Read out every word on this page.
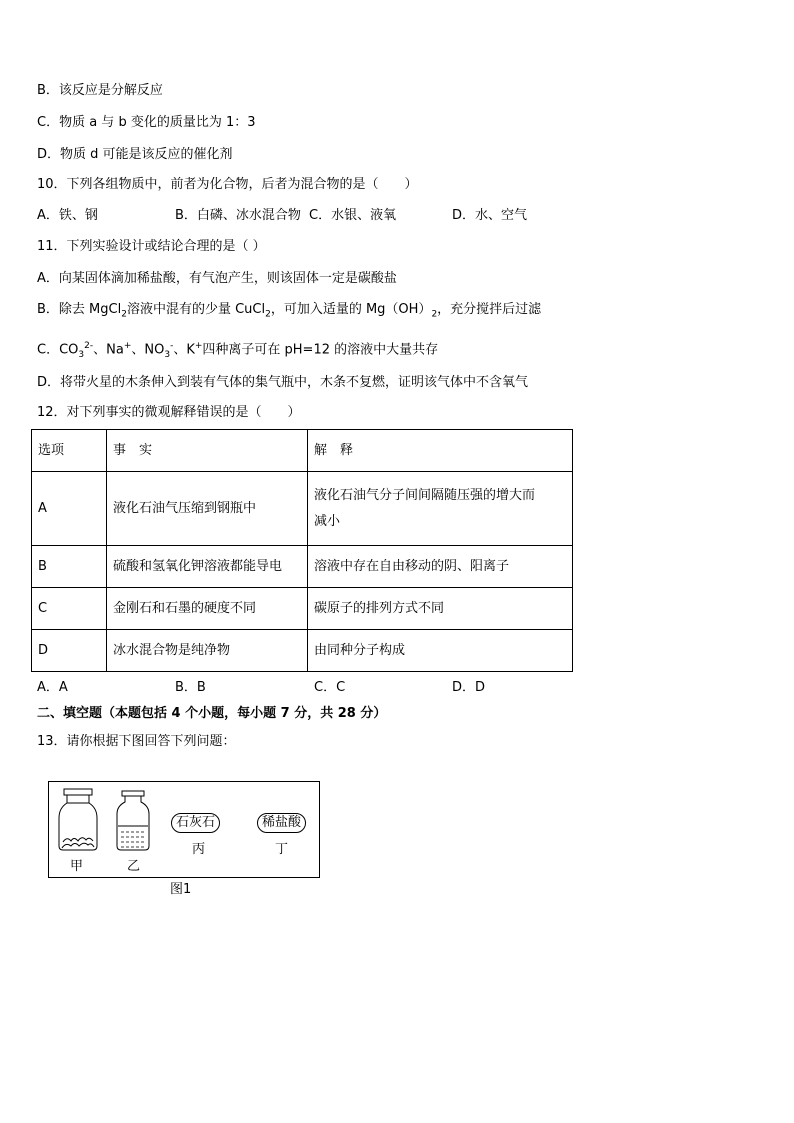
B．该反应是分解反应
C．物质 a 与 b 变化的质量比为 1：3
D．物质 d 可能是该反应的催化剂
10．下列各组物质中，前者为化合物，后者为混合物的是（　　）
A．铁、钢	B．白磷、冰水混合物 C．水银、液氧	D．水、空气
11．下列实验设计或结论合理的是（ ）
A．向某固体滴加稀盐酸，有气泡产生，则该固体一定是碳酸盐
B．除去 MgCl$_2$溶液中混有的少量 CuCl$_2$，可加入适量的 $Mg(OH)_2$，充分搅拌后过滤
C．$CO_3^{2-}$、Na+、$NO_3^-$、K+四种离子可在 pH=12 的溶液中大量共存
D．将带火星的木条伸入到装有气体的集气瓶中，木条不复燃，证明该气体中不含氧气
12．对下列事实的微观解释错误的是（　　）
选项	事　实	解　释
A	液化石油气压缩到钢瓶中	液化石油气分子间间隔随压强的增大而
减小

B	硫酸和氢氧化钾溶液都能导电	溶液中存在自由移动的阴、阳离子
C	金刚石和石墨的硬度不同	碳原子的排列方式不同
D	冰水混合物是纯净物	由同种分子构成
A．A	B．B	C．C	D．D
二、填空题（本题包括 4 个小题，每小题 7 分，共 28 分）
13．请你根据下图回答下列问题：
石灰石	稀盐酸
甲	乙
丙	丁
图1
